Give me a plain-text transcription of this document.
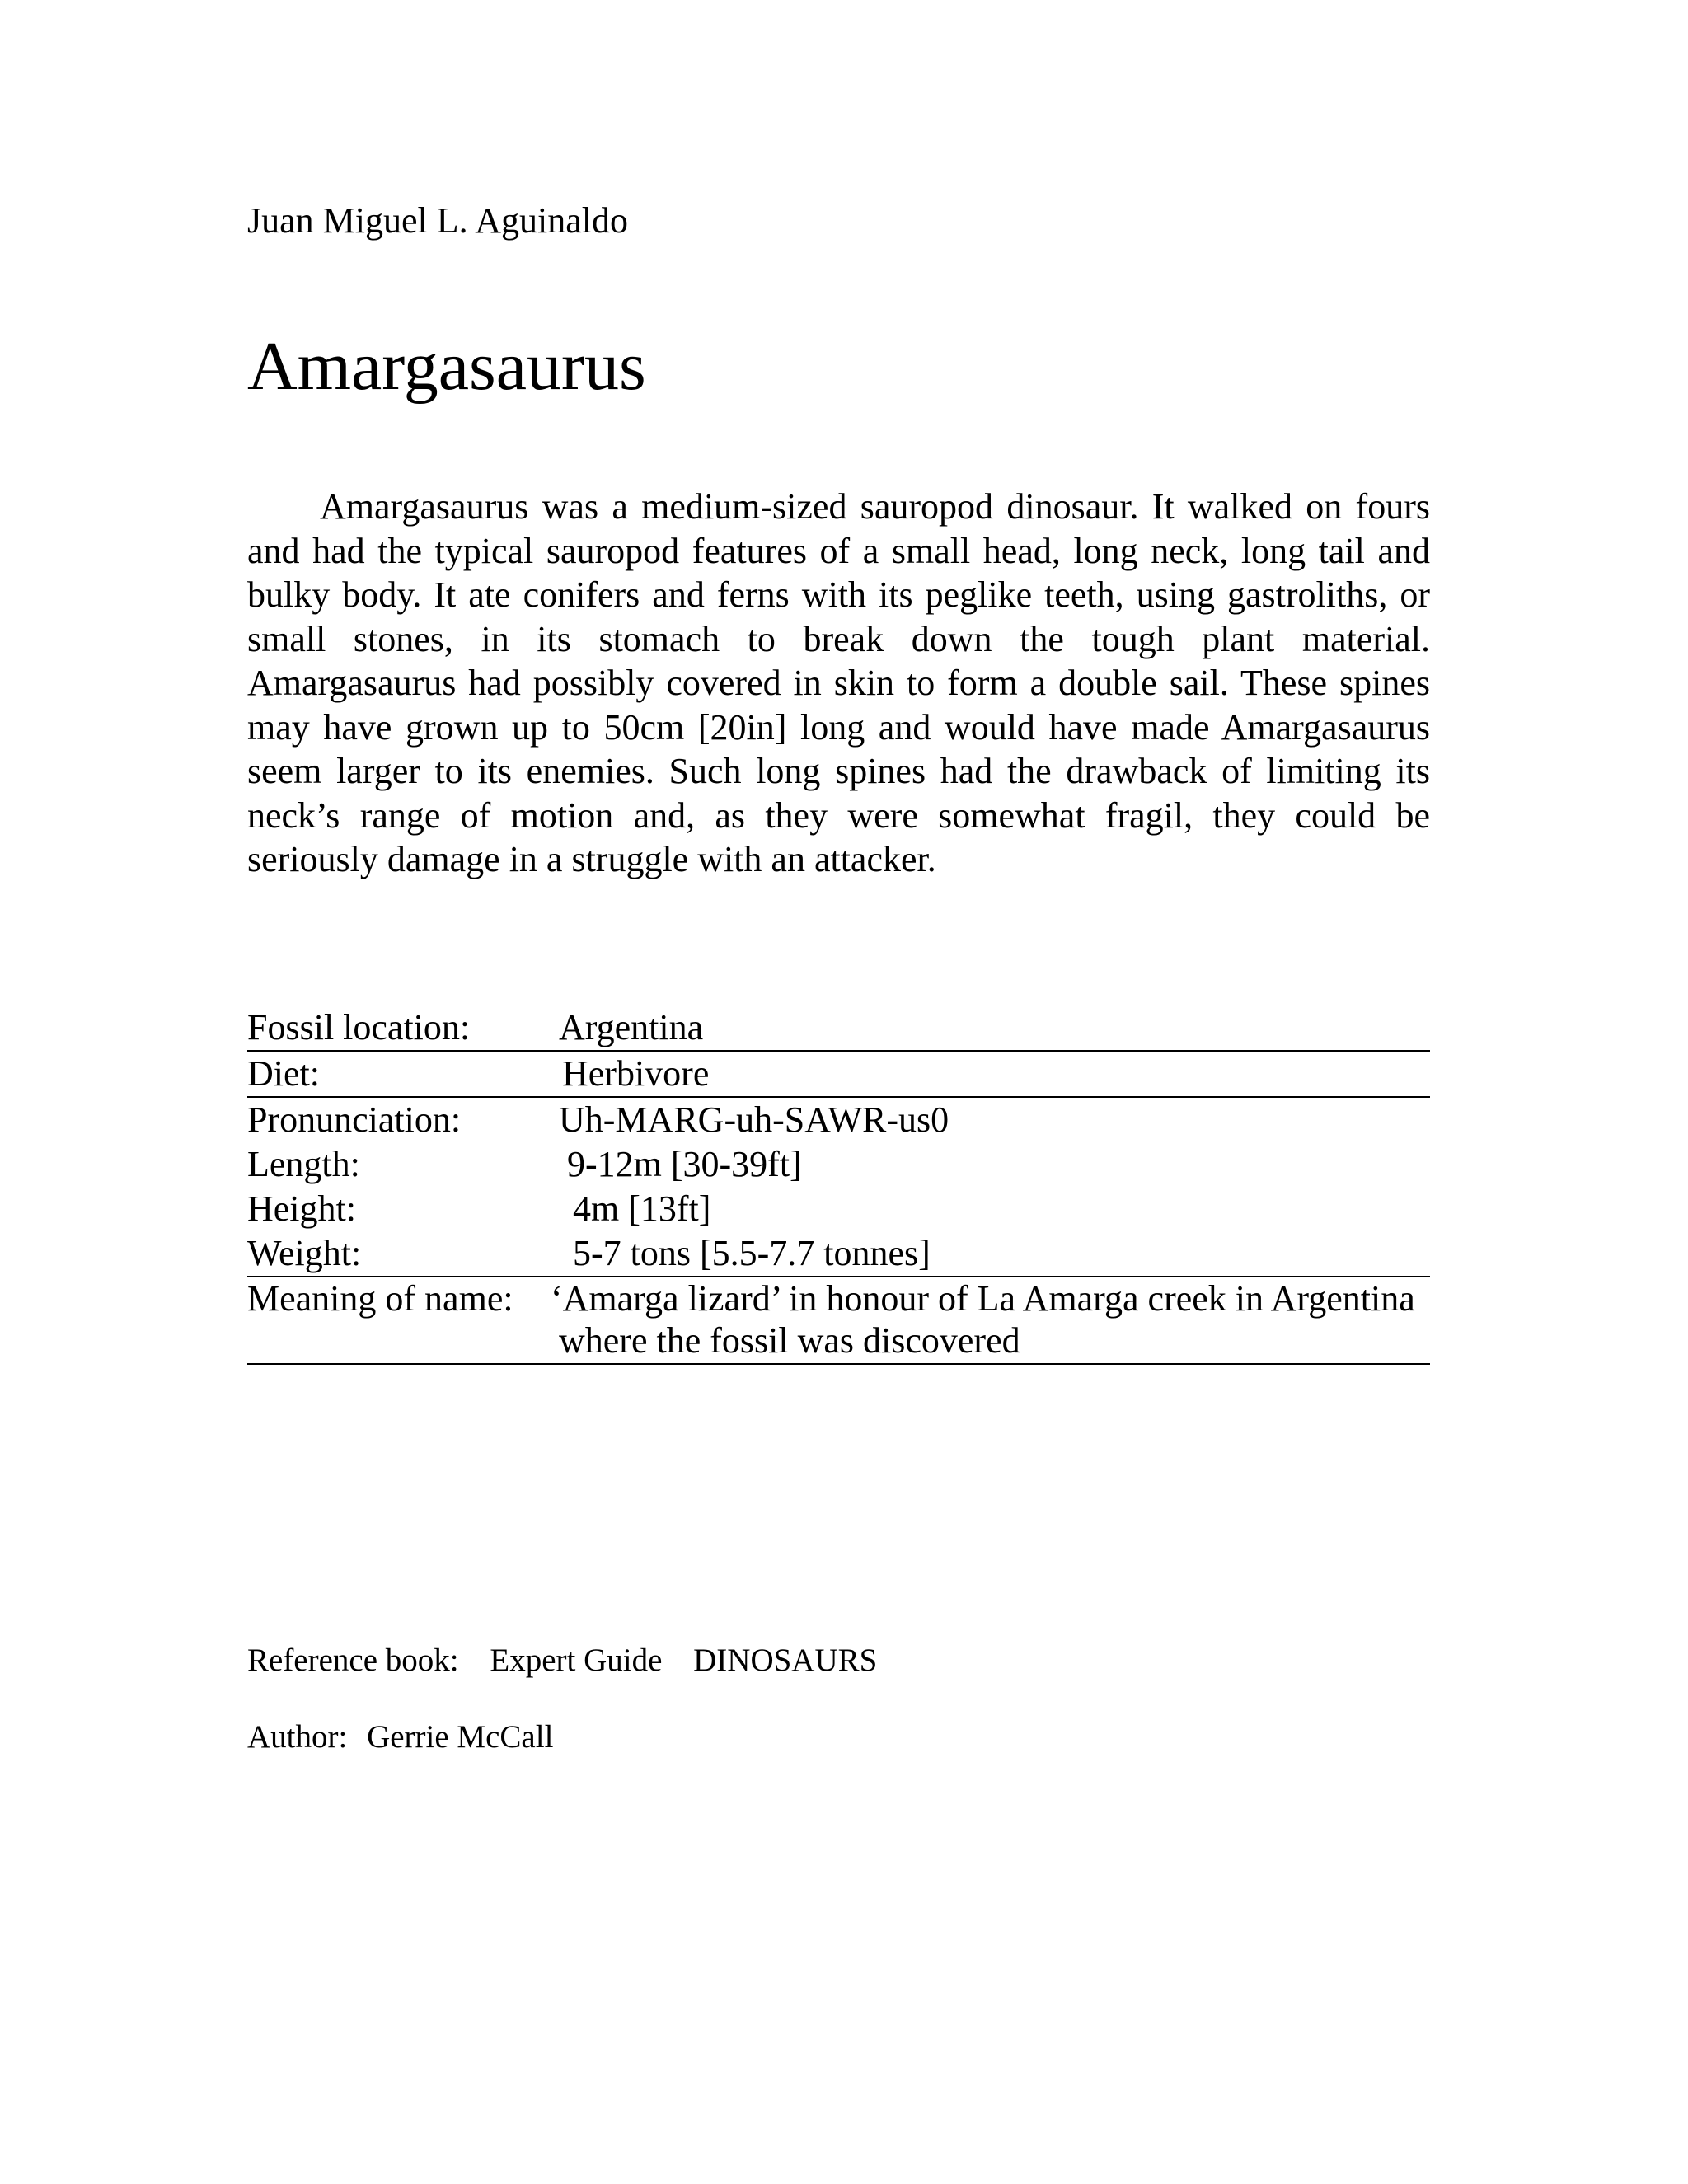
Juan Miguel L. Aguinaldo
Amargasaurus

Amargasaurus was a medium-sized sauropod dinosaur. It walked on fours and had the typical sauropod features of a small head, long neck, long tail and bulky body. It ate conifers and ferns with its peglike teeth, using gastroliths, or small stones, in its stomach to break down the tough plant material. Amargasaurus had possibly covered in skin to form a double sail. These spines may have grown up to 50cm [20in] long and would have made Amargasaurus seem larger to its enemies. Such long spines had the drawback of limiting its neck’s range of motion and, as they were somewhat fragil, they could be seriously damage in a struggle with an attacker.

Fossil location:	Argentina
Diet:	Herbivore
Pronunciation:	Uh-MARG-uh-SAWR-us0
Length:	9-12m [30-39ft]
Height:	4m [13ft]
Weight:	5-7 tons [5.5-7.7 tonnes]
Meaning of name:	‘Amarga lizard’ in honour of La Amarga creek in Argentina
where the fossil was discovered
Reference book: Expert Guide DINOSAURS
Author: Gerrie McCall
